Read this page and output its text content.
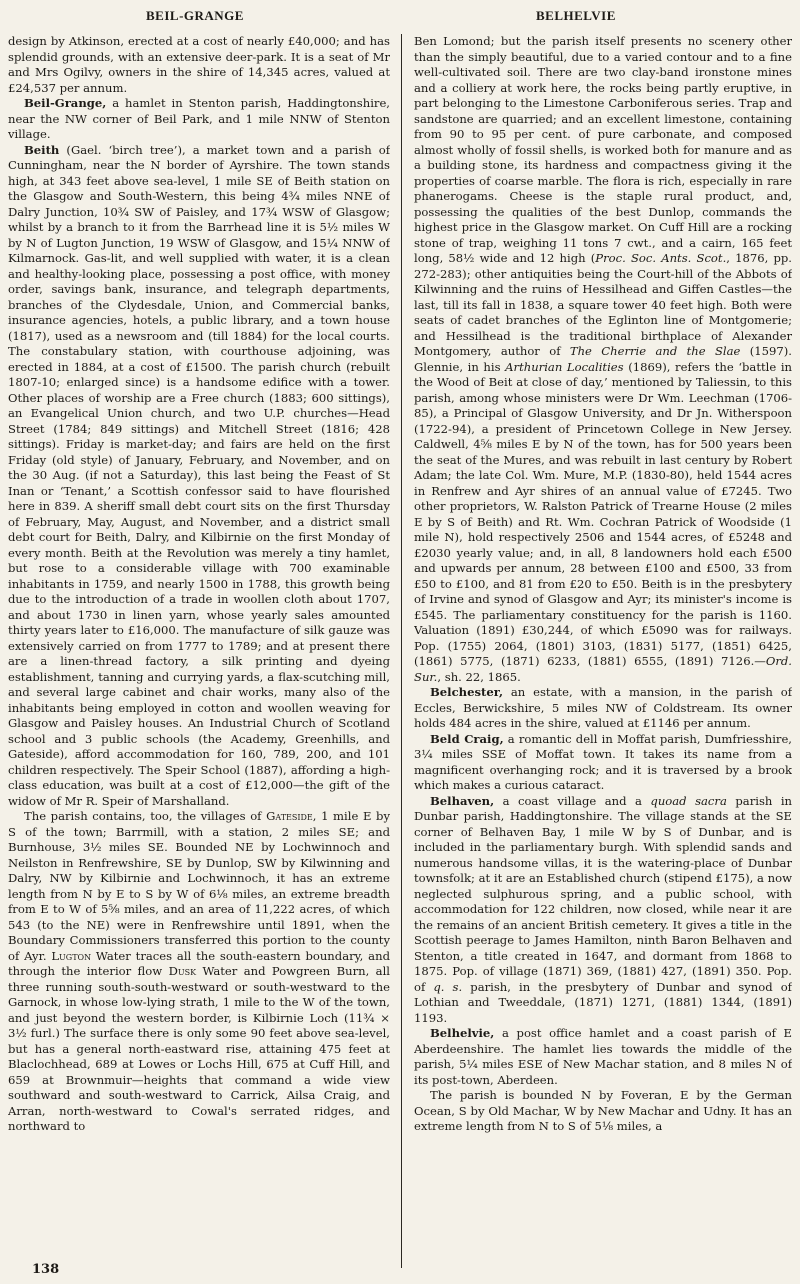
BEIL-GRANGE	BELHELVIE

design by Atkinson, erected at a cost of nearly £40,000; and has splendid grounds, with an extensive deer-park. It is a seat of Mr and Mrs Ogilvy, owners in the shire of 14,345 acres, valued at £24,537 per annum.

Beil-Grange, a hamlet in Stenton parish, Haddingtonshire, near the NW corner of Beil Park, and 1 mile NNW of Stenton village.

Beith (Gael. ‘birch tree’), a market town and a parish of Cunningham, near the N border of Ayrshire. The town stands high, at 343 feet above sea-level, 1 mile SE of Beith station on the Glasgow and South-Western, this being 4¾ miles NNE of Dalry Junction, 10¾ SW of Paisley, and 17¾ WSW of Glasgow; whilst by a branch to it from the Barrhead line it is 5½ miles W by N of Lugton Junction, 19 WSW of Glasgow, and 15¼ NNW of Kilmarnock. Gas-lit, and well supplied with water, it is a clean and healthy-looking place, possessing a post office, with money order, savings bank, insurance, and telegraph departments, branches of the Clydesdale, Union, and Commercial banks, insurance agencies, hotels, a public library, and a town house (1817), used as a newsroom and (till 1884) for the local courts. The constabulary station, with courthouse adjoining, was erected in 1884, at a cost of £1500. The parish church (rebuilt 1807-10; enlarged since) is a handsome edifice with a tower. Other places of worship are a Free church (1883; 600 sittings), an Evangelical Union church, and two U.P. churches—Head Street (1784; 849 sittings) and Mitchell Street (1816; 428 sittings). Friday is market-day; and fairs are held on the first Friday (old style) of January, February, and November, and on the 30 Aug. (if not a Saturday), this last being the Feast of St Inan or ‘Tenant,’ a Scottish confessor said to have flourished here in 839. A sheriff small debt court sits on the first Thursday of February, May, August, and November, and a district small debt court for Beith, Dalry, and Kilbirnie on the first Monday of every month. Beith at the Revolution was merely a tiny hamlet, but rose to a considerable village with 700 examinable inhabitants in 1759, and nearly 1500 in 1788, this growth being due to the introduction of a trade in woollen cloth about 1707, and about 1730 in linen yarn, whose yearly sales amounted thirty years later to £16,000. The manufacture of silk gauze was extensively carried on from 1777 to 1789; and at present there are a linen-thread factory, a silk printing and dyeing establishment, tanning and currying yards, a flax-scutching mill, and several large cabinet and chair works, many also of the inhabitants being employed in cotton and woollen weaving for Glasgow and Paisley houses. An Industrial Church of Scotland school and 3 public schools (the Academy, Greenhills, and Gateside), afford accommodation for 160, 789, 200, and 101 children respectively. The Speir School (1887), affording a high-class education, was built at a cost of £12,000—the gift of the widow of Mr R. Speir of Marshalland.

The parish contains, too, the villages of Gateside, 1 mile E by S of the town; Barrmill, with a station, 2 miles SE; and Burnhouse, 3½ miles SE. Bounded NE by Lochwinnoch and Neilston in Renfrewshire, SE by Dunlop, SW by Kilwinning and Dalry, NW by Kilbirnie and Lochwinnoch, it has an extreme length from N by E to S by W of 6⅛ miles, an extreme breadth from E to W of 5⅝ miles, and an area of 11,222 acres, of which 543 (to the NE) were in Renfrewshire until 1891, when the Boundary Commissioners transferred this portion to the county of Ayr. Lugton Water traces all the south-eastern boundary, and through the interior flow Dusk Water and Powgreen Burn, all three running south-south-westward or south-westward to the Garnock, in whose low-lying strath, 1 mile to the W of the town, and just beyond the western border, is Kilbirnie Loch (11¾ × 3½ furl.) The surface there is only some 90 feet above sea-level, but has a general north-eastward rise, attaining 475 feet at Blaclochhead, 689 at Lowes or Lochs Hill, 675 at Cuff Hill, and 659 at Brownmuir—heights that command a wide view southward and south-westward to Carrick, Ailsa Craig, and Arran, north-westward to Cowal's serrated ridges, and northward to

Ben Lomond; but the parish itself presents no scenery other than the simply beautiful, due to a varied contour and to a fine well-cultivated soil. There are two clay-band ironstone mines and a colliery at work here, the rocks being partly eruptive, in part belonging to the Limestone Carboniferous series. Trap and sandstone are quarried; and an excellent limestone, containing from 90 to 95 per cent. of pure carbonate, and composed almost wholly of fossil shells, is worked both for manure and as a building stone, its hardness and compactness giving it the properties of coarse marble. The flora is rich, especially in rare phanerogams. Cheese is the staple rural product, and, possessing the qualities of the best Dunlop, commands the highest price in the Glasgow market. On Cuff Hill are a rocking stone of trap, weighing 11 tons 7 cwt., and a cairn, 165 feet long, 58½ wide and 12 high (Proc. Soc. Ants. Scot., 1876, pp. 272-283); other antiquities being the Court-hill of the Abbots of Kilwinning and the ruins of Hessilhead and Giffen Castles—the last, till its fall in 1838, a square tower 40 feet high. Both were seats of cadet branches of the Eglinton line of Montgomerie; and Hessilhead is the traditional birthplace of Alexander Montgomery, author of The Cherrie and the Slae (1597). Glennie, in his Arthurian Localities (1869), refers the ‘battle in the Wood of Beit at close of day,’ mentioned by Taliessin, to this parish, among whose ministers were Dr Wm. Leechman (1706-85), a Principal of Glasgow University, and Dr Jn. Witherspoon (1722-94), a president of Princetown College in New Jersey. Caldwell, 4⅝ miles E by N of the town, has for 500 years been the seat of the Mures, and was rebuilt in last century by Robert Adam; the late Col. Wm. Mure, M.P. (1830-80), held 1544 acres in Renfrew and Ayr shires of an annual value of £7245. Two other proprietors, W. Ralston Patrick of Trearne House (2 miles E by S of Beith) and Rt. Wm. Cochran Patrick of Woodside (1 mile N), hold respectively 2506 and 1544 acres, of £5248 and £2030 yearly value; and, in all, 8 landowners hold each £500 and upwards per annum, 28 between £100 and £500, 33 from £50 to £100, and 81 from £20 to £50. Beith is in the presbytery of Irvine and synod of Glasgow and Ayr; its minister's income is £545. The parliamentary constituency for the parish is 1160. Valuation (1891) £30,244, of which £5090 was for railways. Pop. (1755) 2064, (1801) 3103, (1831) 5177, (1851) 6425, (1861) 5775, (1871) 6233, (1881) 6555, (1891) 7126.—Ord. Sur., sh. 22, 1865.

Belchester, an estate, with a mansion, in the parish of Eccles, Berwickshire, 5 miles NW of Coldstream. Its owner holds 484 acres in the shire, valued at £1146 per annum.

Beld Craig, a romantic dell in Moffat parish, Dumfriesshire, 3¼ miles SSE of Moffat town. It takes its name from a magnificent overhanging rock; and it is traversed by a brook which makes a curious cataract.

Belhaven, a coast village and a quoad sacra parish in Dunbar parish, Haddingtonshire. The village stands at the SE corner of Belhaven Bay, 1 mile W by S of Dunbar, and is included in the parliamentary burgh. With splendid sands and numerous handsome villas, it is the watering-place of Dunbar townsfolk; at it are an Established church (stipend £175), a now neglected sulphurous spring, and a public school, with accommodation for 122 children, now closed, while near it are the remains of an ancient British cemetery. It gives a title in the Scottish peerage to James Hamilton, ninth Baron Belhaven and Stenton, a title created in 1647, and dormant from 1868 to 1875. Pop. of village (1871) 369, (1881) 427, (1891) 350. Pop. of q. s. parish, in the presbytery of Dunbar and synod of Lothian and Tweeddale, (1871) 1271, (1881) 1344, (1891) 1193.

Belhelvie, a post office hamlet and a coast parish of E Aberdeenshire. The hamlet lies towards the middle of the parish, 5¼ miles ESE of New Machar station, and 8 miles N of its post-town, Aberdeen.

The parish is bounded N by Foveran, E by the German Ocean, S by Old Machar, W by New Machar and Udny. It has an extreme length from N to S of 5⅛ miles, a

138
